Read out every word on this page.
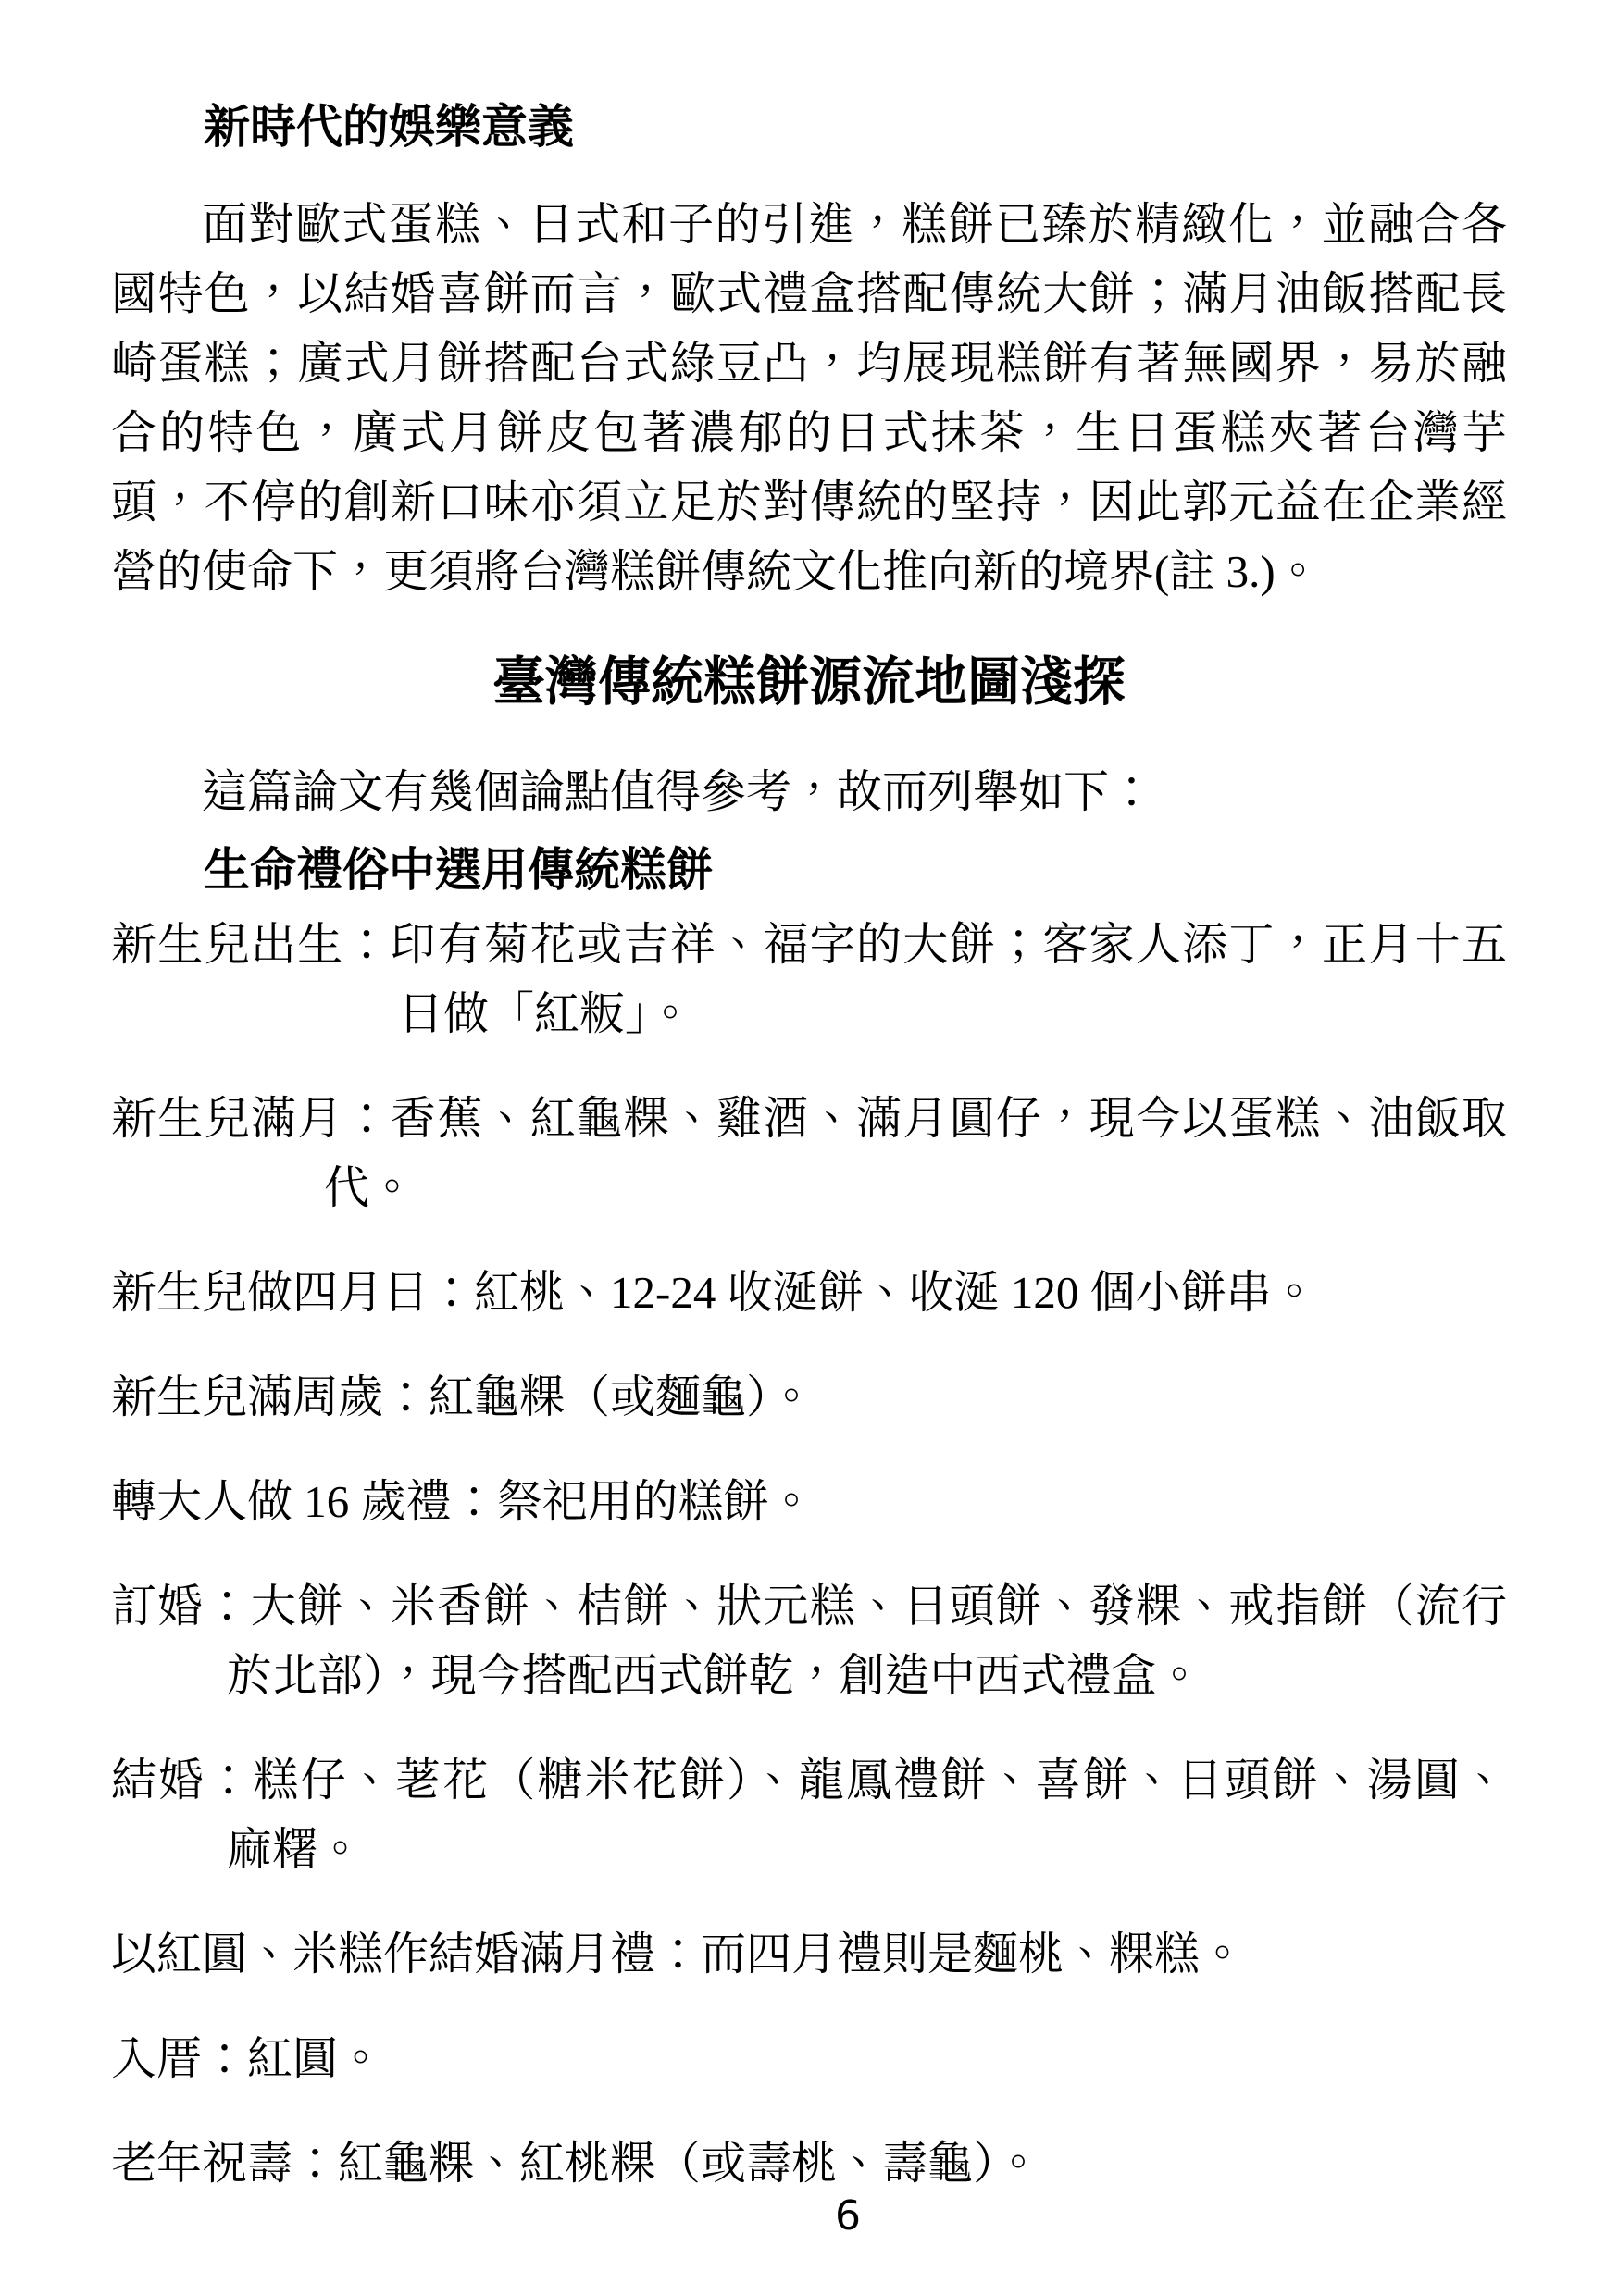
新時代的娛樂意義
面對歐式蛋糕、日式和子的引進，糕餅已臻於精緻化，並融合各
國特色，以結婚喜餅而言，歐式禮盒搭配傳統大餅；滿月油飯搭配長
崎蛋糕；廣式月餅搭配台式綠豆凸，均展現糕餅有著無國界，易於融
合的特色，廣式月餅皮包著濃郁的日式抹茶，生日蛋糕夾著台灣芋
頭，不停的創新口味亦須立足於對傳統的堅持，因此郭元益在企業經
營的使命下，更須將台灣糕餅傳統文化推向新的境界(註 3.)。
臺灣傳統糕餅源流地圖淺探
這篇論文有幾個論點值得參考，故而列舉如下：
生命禮俗中選用傳統糕餅
新生兒出生：印有菊花或吉祥、福字的大餅；客家人添丁，正月十五
日做「紅粄」。
新生兒滿月：香蕉、紅龜粿、雞酒、滿月圓仔，現今以蛋糕、油飯取
代。
新生兒做四月日：紅桃、12-24 收涎餅、收涎 120 個小餅串。
新生兒滿周歲：紅龜粿（或麵龜）。
轉大人做 16 歲禮：祭祀用的糕餅。
訂婚：大餅、米香餅、桔餅、狀元糕、日頭餅、發粿、戒指餅（流行
於北部），現今搭配西式餅乾，創造中西式禮盒。
結婚：糕仔、荖花（糖米花餅）、龍鳳禮餅、喜餅、日頭餅、湯圓、
麻糬。
以紅圓、米糕作結婚滿月禮：而四月禮則是麵桃、粿糕。
入厝：紅圓。
老年祝壽：紅龜粿、紅桃粿（或壽桃、壽龜）。
6
